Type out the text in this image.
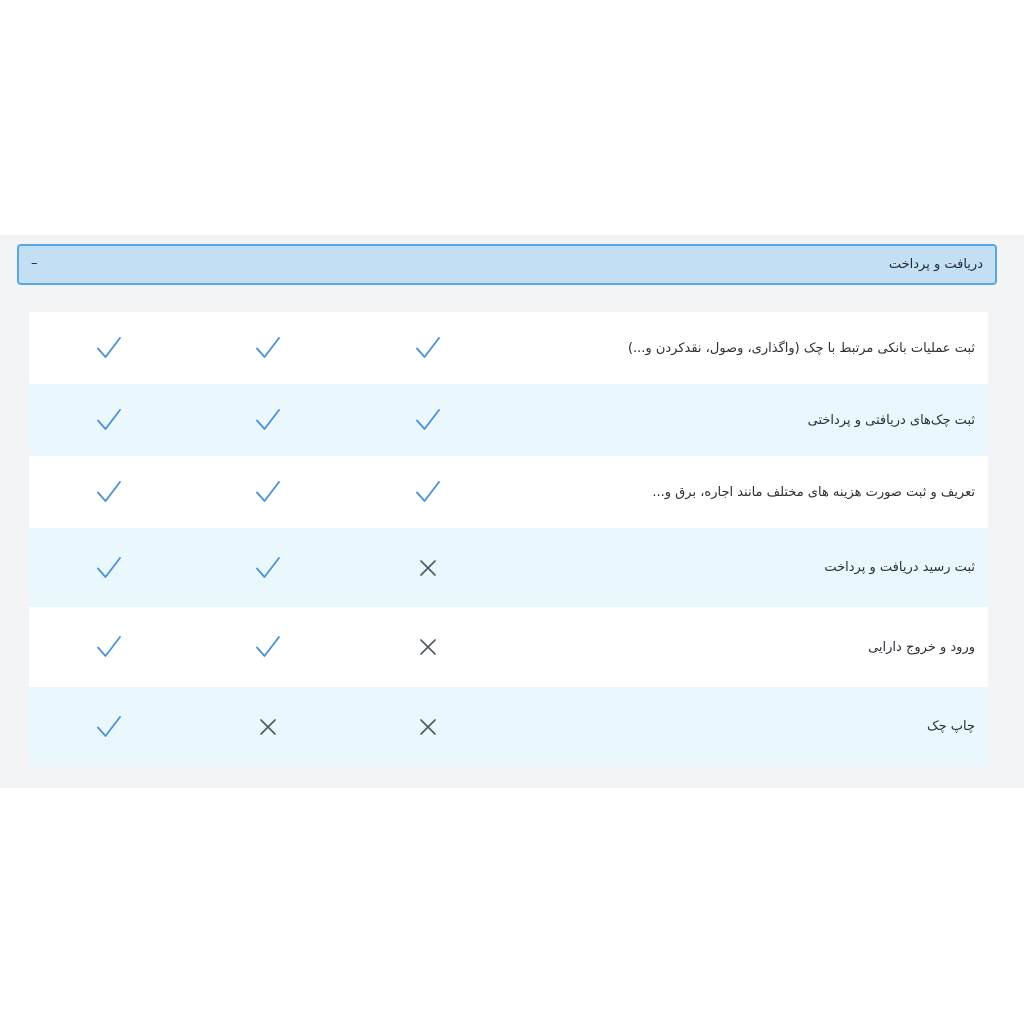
دریافت و پرداخت
–
ثبت عملیات بانکی مرتبط با چک (واگذاری، وصول، نقدکردن و...)
ثبت چک‌های دریافتی و پرداختی
تعریف و ثبت صورت هزینه های مختلف مانند اجاره، برق و...
ثبت رسید دریافت و پرداخت
ورود و خروج دارایی
چاپ چک
